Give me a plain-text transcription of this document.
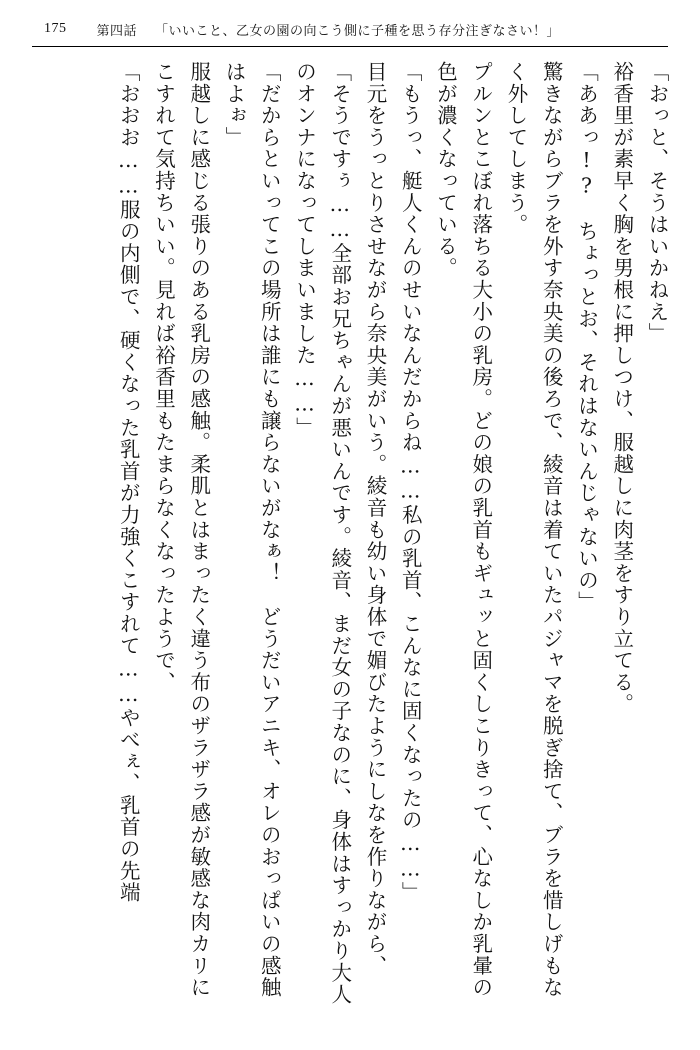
175 第四話 「いいこと、乙女の園の向こう側に子種を思う存分注ぎなさい！」

「おっと、そうはいかねえ」

裕香里が素早く胸を男根に押しつけ、服越しに肉茎をすり立てる。

「ああっ!?　ちょっとお、それはないんじゃないの」

驚きながらブラを外す奈央美の後ろで、綾音は着ていたパジャマを脱ぎ捨て、ブラを惜しげもなく外してしまう。

プルンとこぼれ落ちる大小の乳房。どの娘の乳首もギュッと固くしこりきって、心なしか乳暈の色が濃くなっている。

「もうっ、艇人くんのせいなんだからね……私の乳首、こんなに固くなったの……」

目元をうっとりさせながら奈央美がいう。綾音も幼い身体で媚びたようにしなを作りながら、

「そうですぅ……全部お兄ちゃんが悪いんです。綾音、まだ女の子なのに、身体はすっかり大人のオンナになってしまいました……」

「だからといってこの場所は誰にも譲らないがなぁ！　どうだいアニキ、オレのおっぱいの感触はよぉ」

服越しに感じる張りのある乳房の感触。柔肌とはまったく違う布のザラザラ感が敏感な肉カリにこすれて気持ちいい。見れば裕香里もたまらなくなったようで、

「おおお……服の内側で、硬くなった乳首が力強くこすれて……やべぇ、乳首の先端
